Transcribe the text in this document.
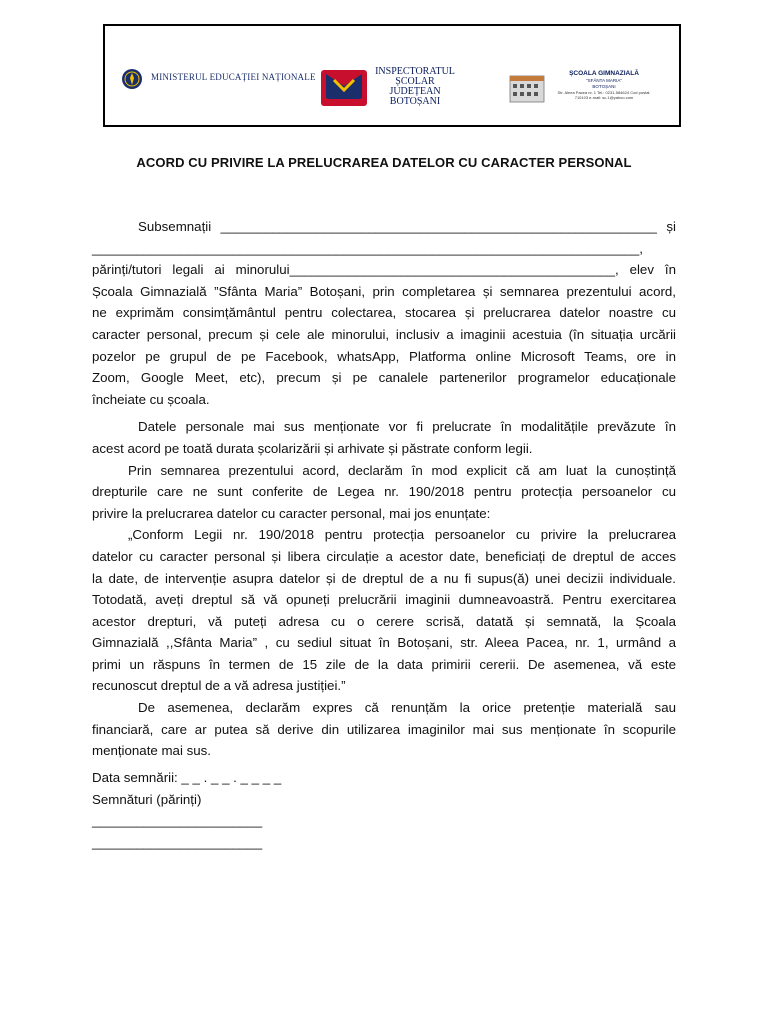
MINISTERUL EDUCAȚIEI NAȚIONALE	INSPECTORATUL
ȘCOLAR
JUDEȚEAN
BOTOȘANI
ȘCOALA GIMNAZIALĂ
"SFÂNTA MARIA"
BOTOȘANI
Str. Aleea Pacea nr. 1 Tel.: 0231-584624 Cod poștal: 710103 e-mail: sc.1@yahoo.com
ACORD CU PRIVIRE LA PRELUCRAREA DATELOR CU CARACTER PERSONAL

Subsemnații ___________________________________________________________ și
__________________________________________________________________________,
părinți/tutori legali ai minorului____________________________________________, elev în
Școala Gimnazială ”Sfânta Maria” Botoșani, prin completarea și semnarea prezentului acord,
ne exprimăm consimțământul pentru colectarea, stocarea și prelucrarea datelor noastre cu
caracter personal, precum și cele ale minorului, inclusiv a imaginii acestuia (în situația urcării
pozelor pe grupul de pe Facebook, whatsApp, Platforma online Microsoft Teams, ore in
Zoom, Google Meet, etc), precum și pe canalele partenerilor programelor educaționale
încheiate cu școala.

Datele personale mai sus menționate vor fi prelucrate în modalitățile prevăzute în
acest acord pe toată durata școlarizării și arhivate și păstrate conform legii.

Prin semnarea prezentului acord, declarăm în mod explicit că am luat la cunoștință
drepturile care ne sunt conferite de Legea nr. 190/2018 pentru protecția persoanelor cu
privire la prelucrarea datelor cu caracter personal, mai jos enunțate:

„Conform Legii nr. 190/2018 pentru protecția persoanelor cu privire la prelucrarea
datelor cu caracter personal și libera circulație a acestor date, beneficiați de dreptul de acces
la date, de intervenție asupra datelor și de dreptul de a nu fi supus(ă) unei decizii individuale.
Totodată, aveți dreptul să vă opuneți prelucrării imaginii dumneavoastră. Pentru exercitarea
acestor drepturi, vă puteți adresa cu o cerere scrisă, datată și semnată, la Școala
Gimnazială ,,Sfânta Maria” , cu sediul situat în Botoșani, str. Aleea Pacea, nr. 1, urmând a
primi un răspuns în termen de 15 zile de la data primirii cererii. De asemenea, vă este
recunoscut dreptul de a vă adresa justiției.”

De asemenea, declarăm expres că renunțăm la orice pretenție materială sau
financiară, care ar putea să derive din utilizarea imaginilor mai sus menționate în scopurile
menționate mai sus.

Data semnării: _ _ . _ _ . _ _ _ _
Semnături (părinți)
_______________________
_______________________
